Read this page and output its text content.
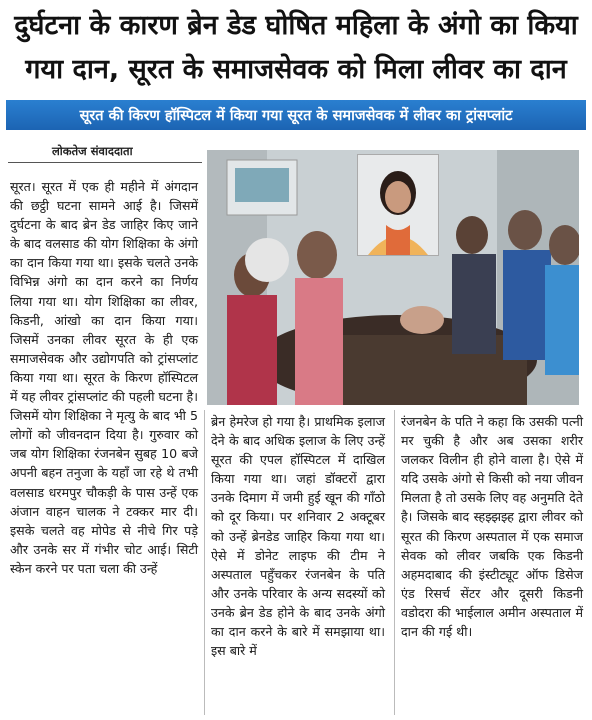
दुर्घटना के कारण ब्रेन डेड घोषित महिला के अंगो का किया
गया दान, सूरत के समाजसेवक को मिला लीवर का दान
सूरत की किरण हॉस्पिटल में किया गया सूरत के समाजसेवक में लीवर का ट्रांसप्लांट
लोकतेज संवाददाता
सूरत। सूरत में एक ही महीने में अंगदान की छट्ठी घटना सामने आई है। जिसमें दुर्घटना के बाद ब्रेन डेड जाहिर किए जाने के बाद वलसाड की योग शिक्षिका के अंगो का दान किया गया था। इसके चलते उनके विभिन्न अंगो का दान करने का निर्णय लिया गया था। योग शिक्षिका का लीवर, किडनी, आंखो का दान किया गया। जिसमें उनका लीवर सूरत के ही एक समाजसेवक और उद्योगपति को ट्रांसप्लांट किया गया था। सूरत के किरण हॉस्पिटल में यह लीवर ट्रांसप्लांट की पहली घटना है। जिसमें योग शिक्षिका ने मृत्यु के बाद भी 5 लोगों को जीवनदान दिया है। गुरुवार को जब योग शिक्षिका रंजनबेन सुबह 10 बजे अपनी बहन तनुजा के यहाँ जा रहे थे तभी वलसाड धरमपुर चौकड़ी के पास उन्हें एक अंजान वाहन चालक ने टक्कर मार दी। इसके चलते वह मोपेड से नीचे गिर पड़े और उनके सर में गंभीर चोट आई। सिटी स्केन करने पर पता चला की उन्हें
ब्रेन हेमरेज हो गया है। प्राथमिक इलाज देने के बाद अधिक इलाज के लिए उन्हें सूरत की एपल हॉस्पिटल में दाखिल किया गया था। जहां डॉक्टरों द्वारा उनके दिमाग में जमी हुई खून की गाँठो को दूर किया। पर शनिवार 2 अक्टूबर को उन्हें ब्रेनडेड जाहिर किया गया था। ऐसे में डोनेट लाइफ की टीम ने अस्पताल पहुँचकर रंजनबेन के पति और उनके परिवार के अन्य सदस्यों को उनके ब्रेन डेड होने के बाद उनके अंगो का दान करने के बारे में समझाया था। इस बारे में
रंजनबेन के पति ने कहा कि उसकी पत्नी मर चुकी है और अब उसका शरीर जलकर विलीन ही होने वाला है। ऐसे में यदि उसके अंगो से किसी को नया जीवन मिलता है तो उसके लिए वह अनुमति देते है। जिसके बाद स्हझ्झझ्ह द्वारा लीवर को सूरत की किरण अस्पताल में एक समाज सेवक को लीवर जबकि एक किडनी अहमदाबाद की इंस्टीट्यूट ऑफ डिसेज एंड रिसर्च सेंटर और दूसरी किडनी वडोदरा की भाईलाल अमीन अस्पताल में दान की गई थी।
